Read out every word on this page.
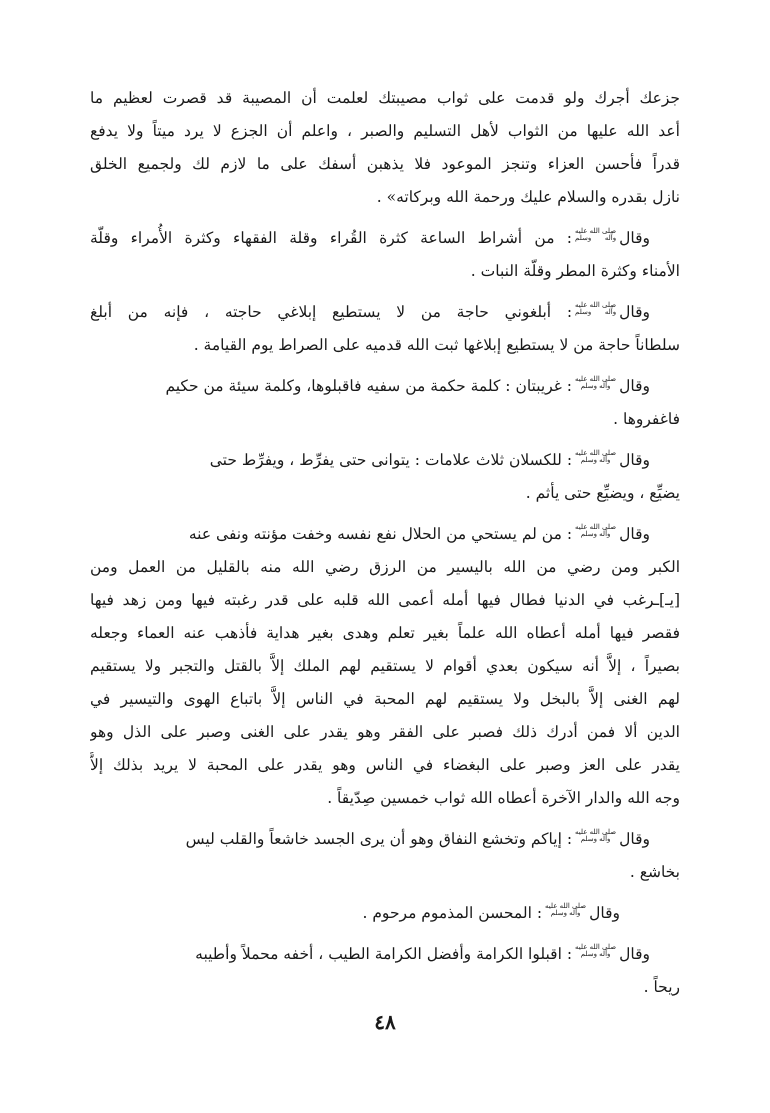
جزعك أجرك ولو قدمت على ثواب مصيبتك لعلمت أن المصيبة قد قصرت لعظيم ما
أعد الله عليها من الثواب لأهل التسليم والصبر ، واعلم أن الجزع لا يرد ميتاً ولا يدفع
قدراً فأحسن العزاء وتنجز الموعود فلا يذهبن أسفك على ما لازم لك ولجميع الخلق
نازل بقدره والسلام عليك ورحمة الله وبركاته» .
وقال
صلى الله عليه
وآله وسلم
: من أشراط الساعة كثرة القُراء وقلة الفقهاء وكثرة الأُمراء وقلّة
الأمناء وكثرة المطر وقلّة النبات .
وقال
صلى الله عليه
وآله وسلم
: أبلغوني حاجة من لا يستطيع إبلاغي حاجته ، فإنه من أبلغ
سلطاناً حاجة من لا يستطيع إبلاغها ثبت الله قدميه على الصراط يوم القيامة .
وقال
صلى الله عليه
وآله وسلم
: غريبتان : كلمة حكمة من سفيه فاقبلوها، وكلمة سيئة من حكيم
فاغفروها .
وقال
صلى الله عليه
وآله وسلم
: للكسلان ثلاث علامات : يتوانى حتى يفرِّط ، ويفرِّط حتى
يضيِّع ، ويضيِّع حتى يأثم .
وقال
صلى الله عليه
وآله وسلم
: من لم يستحي من الحلال نفع نفسه وخفت مؤنته ونفى عنه
الكبر ومن رضي من الله باليسير من الرزق رضي الله منه بالقليل من العمل ومن
[يـ]ـرغب في الدنيا فطال فيها أمله أعمى الله قلبه على قدر رغبته فيها ومن زهد فيها
فقصر فيها أمله أعطاه الله علماً بغير تعلم وهدى بغير هداية فأذهب عنه العماء وجعله
بصيراً ، إلاَّ أنه سيكون بعدي أقوام لا يستقيم لهم الملك إلاَّ بالقتل والتجبر ولا يستقيم
لهم الغنى إلاَّ بالبخل ولا يستقيم لهم المحبة في الناس إلاَّ باتباع الهوى والتيسير في
الدين ألا فمن أدرك ذلك فصبر على الفقر وهو يقدر على الغنى وصبر على الذل وهو
يقدر على العز وصبر على البغضاء في الناس وهو يقدر على المحبة لا يريد بذلك إلاَّ
وجه الله والدار الآخرة أعطاه الله ثواب خمسين صِدّيقاً .
وقال
صلى الله عليه
وآله وسلم
: إياكم وتخشع النفاق وهو أن يرى الجسد خاشعاً والقلب ليس
بخاشع .
وقال
صلى الله عليه
وآله وسلم
: المحسن المذموم مرحوم .
وقال
صلى الله عليه
وآله وسلم
: اقبلوا الكرامة وأفضل الكرامة الطيب ، أخفه محملاً وأطيبه
ريحاً .
٤٨
